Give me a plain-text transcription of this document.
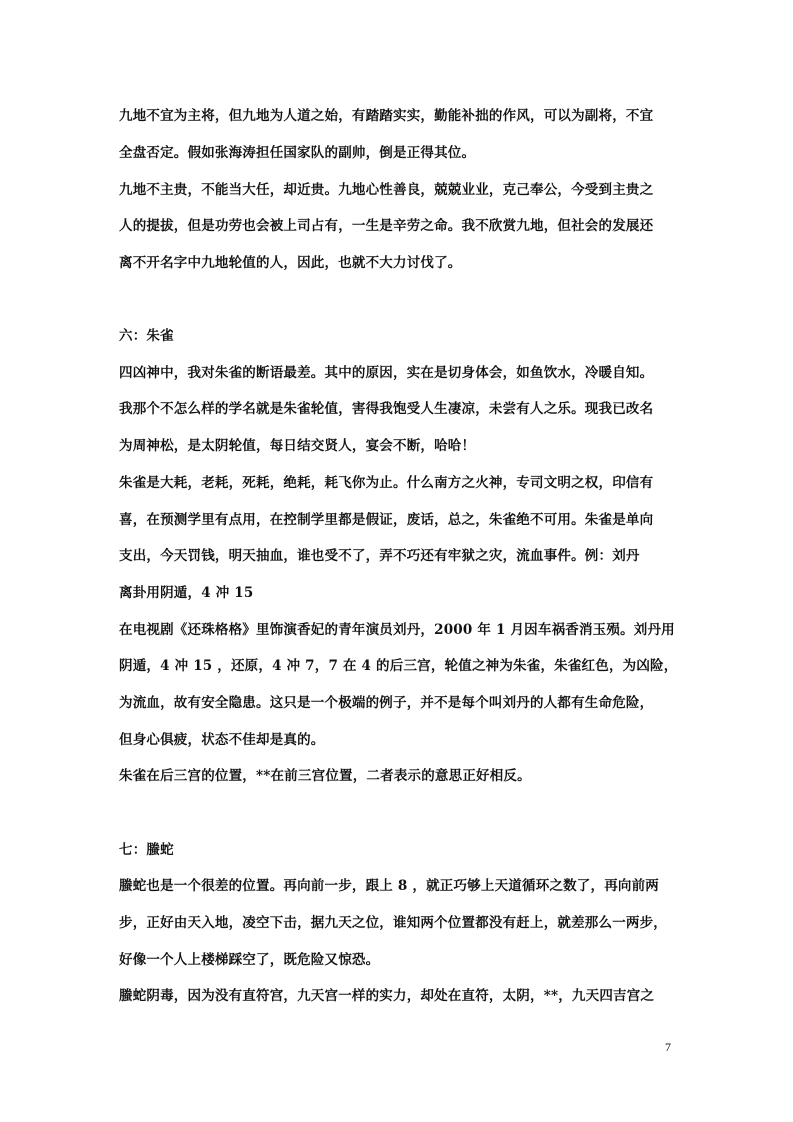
九地不宜为主将，但九地为人道之始，有踏踏实实，勤能补拙的作风，可以为副将，不宜
全盘否定。假如张海涛担任国家队的副帅，倒是正得其位。
九地不主贵，不能当大任，却近贵。九地心性善良，兢兢业业，克己奉公，今受到主贵之
人的提拔，但是功劳也会被上司占有，一生是辛劳之命。我不欣赏九地，但社会的发展还
离不开名字中九地轮值的人，因此，也就不大力讨伐了。
六：朱雀
四凶神中，我对朱雀的断语最差。其中的原因，实在是切身体会，如鱼饮水，冷暖自知。
我那个不怎么样的学名就是朱雀轮值，害得我饱受人生凄凉，未尝有人之乐。现我已改名
为周神松，是太阴轮值，每日结交贤人，宴会不断，哈哈！
朱雀是大耗，老耗，死耗，绝耗，耗飞你为止。什么南方之火神，专司文明之权，印信有
喜，在预测学里有点用，在控制学里都是假证，废话，总之，朱雀绝不可用。朱雀是单向
支出，今天罚钱，明天抽血，谁也受不了，弄不巧还有牢狱之灾，流血事件。例：刘丹
离卦用阴遁，4 冲 15
在电视剧《还珠格格》里饰演香妃的青年演员刘丹，2000 年 1 月因车祸香消玉殒。刘丹用
阴遁，4 冲 15 ，还原，4 冲 7，7 在 4 的后三宫，轮值之神为朱雀，朱雀红色，为凶险，
为流血，故有安全隐患。这只是一个极端的例子，并不是每个叫刘丹的人都有生命危险，
但身心俱疲，状态不佳却是真的。
朱雀在后三宫的位置，**在前三宫位置，二者表示的意思正好相反。
七：螣蛇
螣蛇也是一个很差的位置。再向前一步，跟上 8 ，就正巧够上天道循环之数了，再向前两
步，正好由天入地，凌空下击，据九天之位，谁知两个位置都没有赶上，就差那么一两步，
好像一个人上楼梯踩空了，既危险又惊恐。
螣蛇阴毒，因为没有直符宫，九天宫一样的实力，却处在直符，太阴，**，九天四吉宫之
7
